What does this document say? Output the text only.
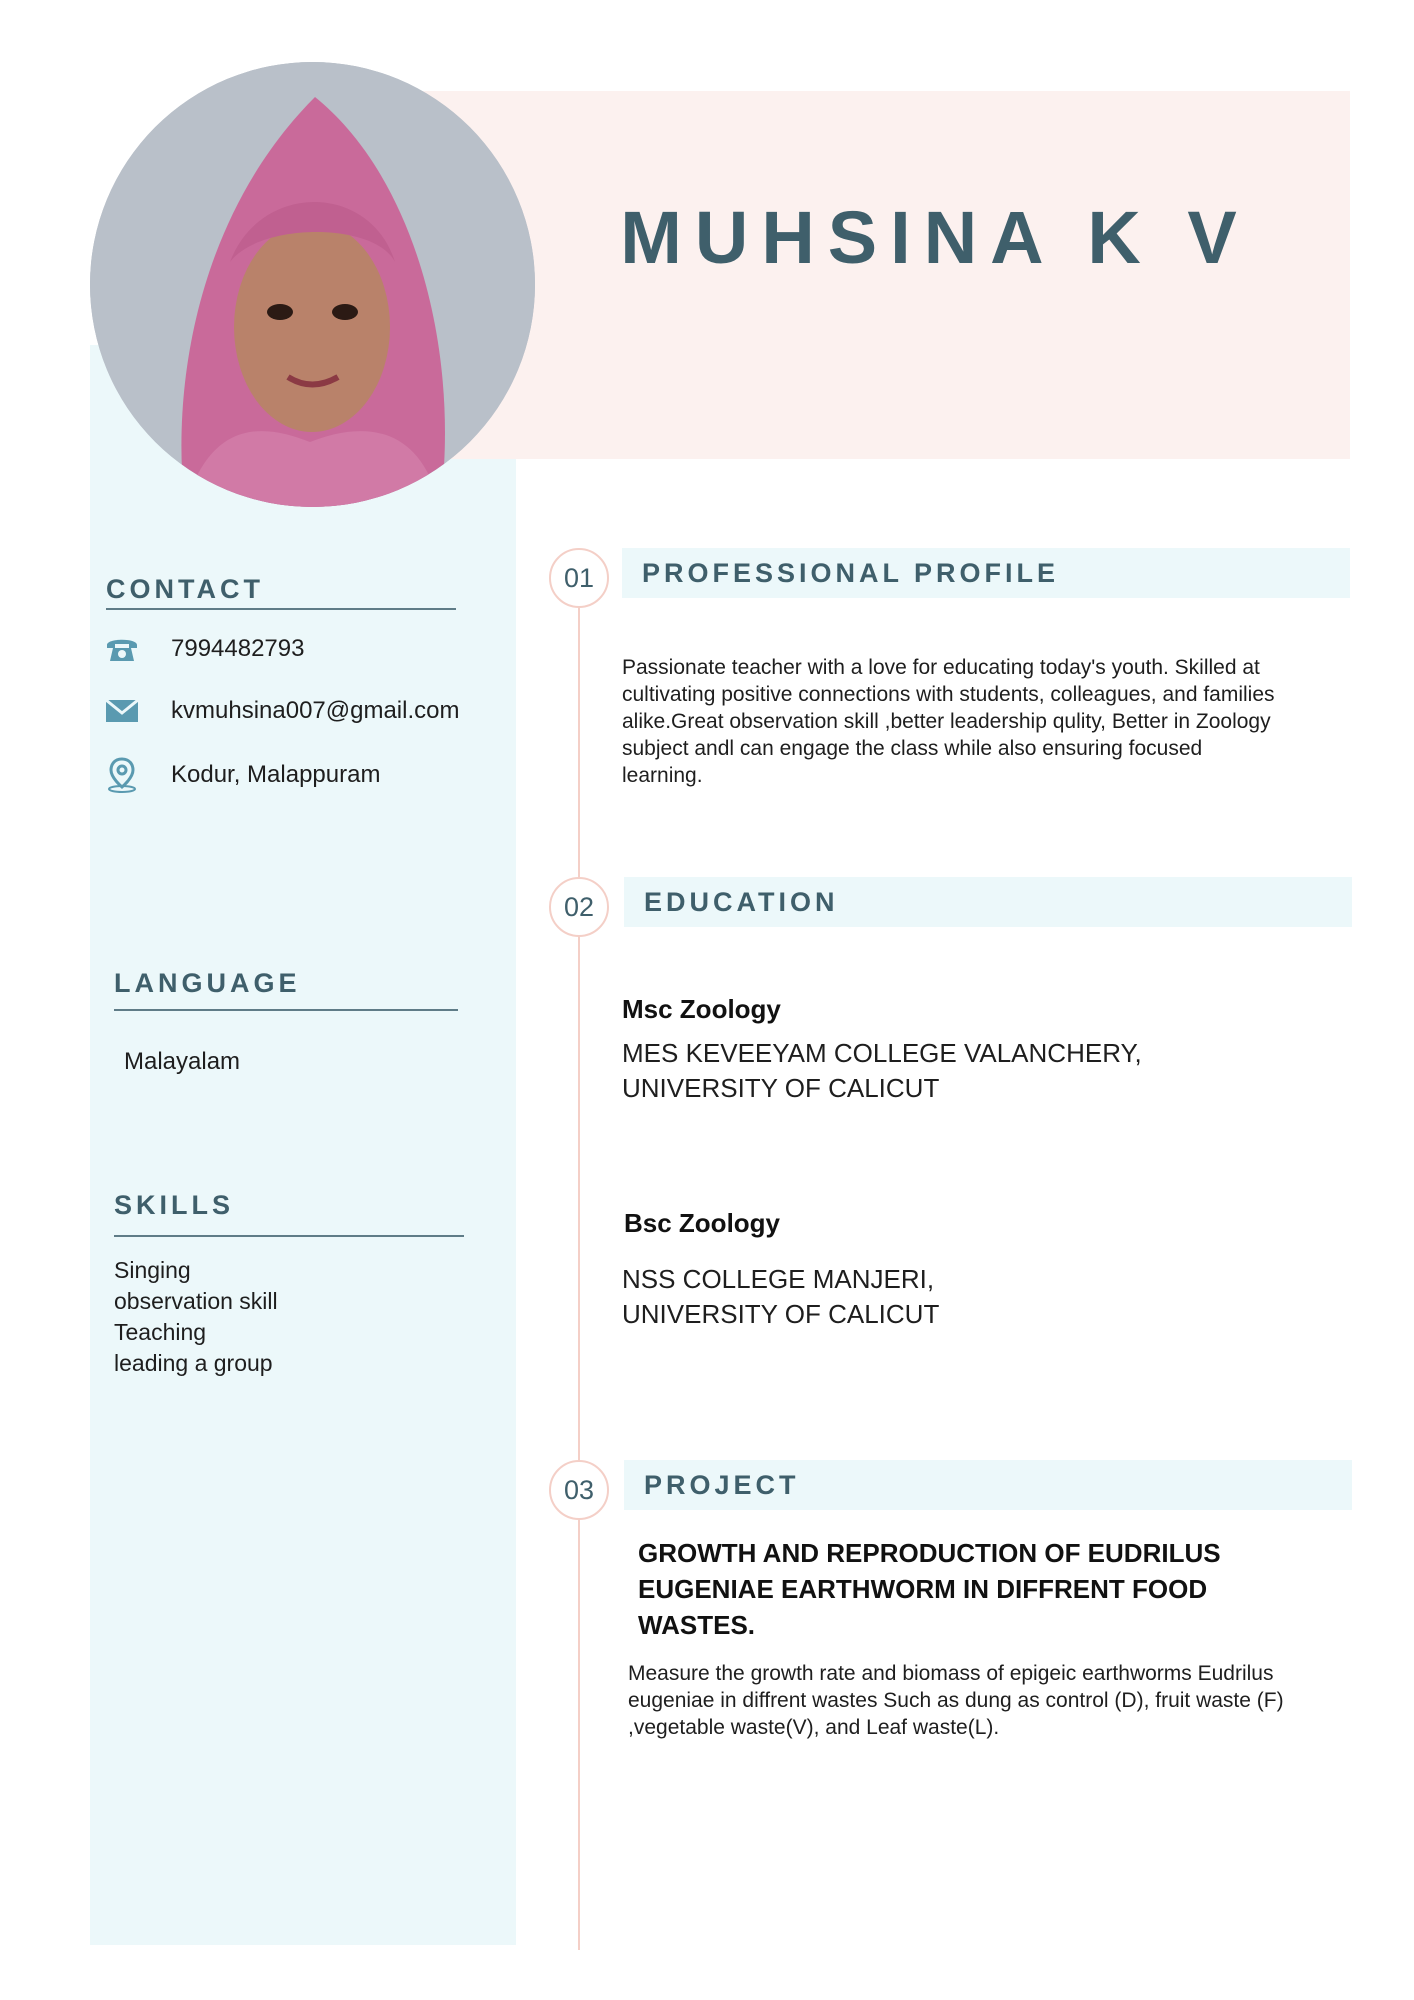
MUHSINA K V
CONTACT
7994482793
kvmuhsina007@gmail.com
Kodur, Malappuram
LANGUAGE
Malayalam
SKILLS
Singing
observation skill
Teaching
leading a group
01	PROFESSIONAL PROFILE
Passionate teacher with a love for educating today's youth. Skilled at
cultivating positive connections with students, colleagues, and families
alike.Great observation skill ,better leadership qulity, Better in Zoology
subject andl can engage the class while also ensuring focused
learning.
02	EDUCATION
Msc Zoology
MES KEVEEYAM COLLEGE VALANCHERY,
UNIVERSITY OF CALICUT
Bsc Zoology
NSS COLLEGE MANJERI,
UNIVERSITY OF CALICUT
03	PROJECT
GROWTH AND REPRODUCTION OF EUDRILUS
EUGENIAE EARTHWORM IN DIFFRENT FOOD
WASTES.
Measure the growth rate and biomass of epigeic earthworms Eudrilus
eugeniae in diffrent wastes Such as dung as control (D), fruit waste (F)
,vegetable waste(V), and Leaf waste(L).
